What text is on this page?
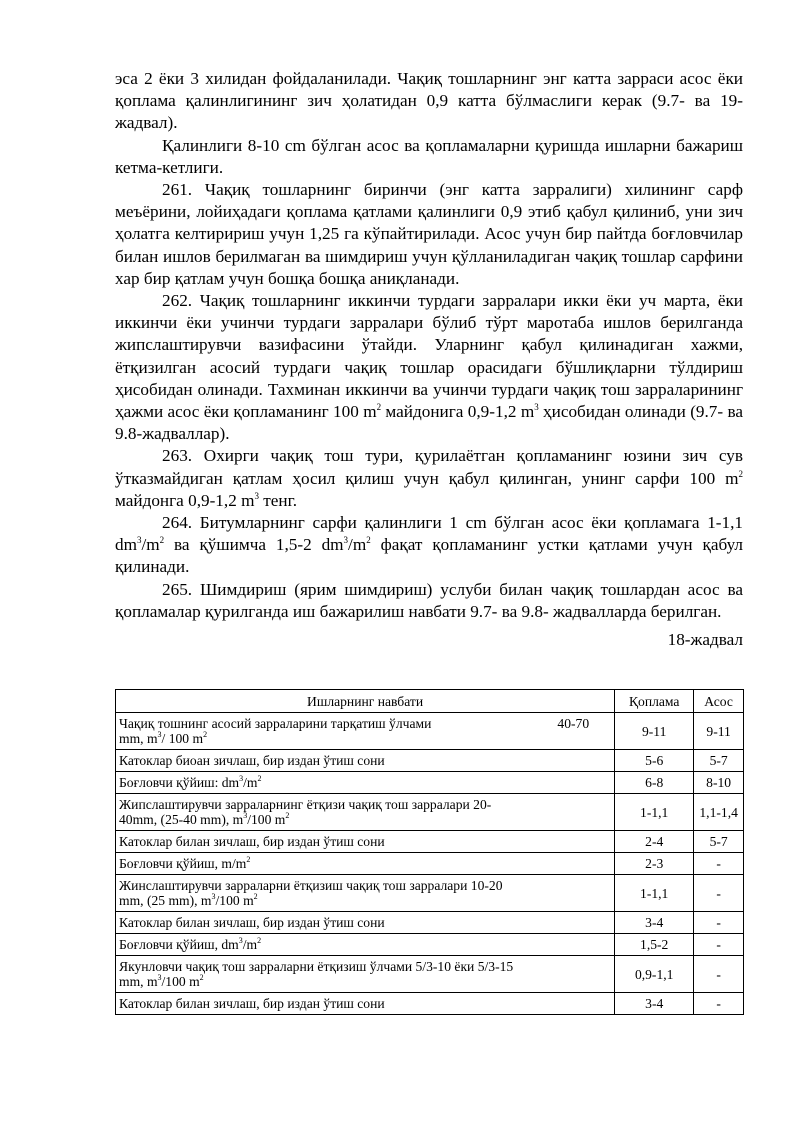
эса 2 ёки 3 хилидан фойдаланилади. Чақиқ тошларнинг энг катта зарраси асос ёки қоплама қалинлигининг зич ҳолатидан 0,9 катта бўлмаслиги керак (9.7- ва 19-жадвал).

Қалинлиги 8-10 cm бўлган асос ва қопламаларни қуришда ишларни бажариш кетма-кетлиги.

261. Чақиқ тошларнинг биринчи (энг катта зарралиги) хилининг сарф меъёрини, лойиҳадаги қоплама қатлами қалинлиги 0,9 этиб қабул қилиниб, уни зич ҳолатга келтиририш учун 1,25 га кўпайтирилади. Асос учун бир пайтда боғловчилар билан ишлов берилмаган ва шимдириш учун қўлланиладиган чақиқ тошлар сарфини хар бир қатлам учун бошқа бошқа аниқланади.

262. Чақиқ тошларнинг иккинчи турдаги зарралари икки ёки уч марта, ёки иккинчи ёки учинчи турдаги зарралари бўлиб тўрт маротаба ишлов берилганда жипслаштирувчи вазифасини ўтайди. Уларнинг қабул қилинадиган хажми, ётқизилган асосий турдаги чақиқ тошлар орасидаги бўшлиқларни тўлдириш ҳисобидан олинади. Тахминан иккинчи ва учинчи турдаги чақиқ тош зарраларининг ҳажми асос ёки қопламанинг 100 $m^2$ майдонига 0,9-1,2 $m^3$ ҳисобидан олинади (9.7- ва 9.8-жадваллар).

263. Охирги чақиқ тош тури, қурилаётган қопламанинг юзини зич сув ўтказмайдиган қатлам ҳосил қилиш учун қабул қилинган, унинг сарфи 100 $m^2$ майдонга 0,9-1,2 $m^3$ тенг.

264. Битумларнинг сарфи қалинлиги 1 cm бўлган асос ёки қопламага 1-1,1 $dm^3/m^2$ ва қўшимча 1,5-2 $dm^3/m^2$ фақат қопламанинг устки қатлами учун қабул қилинади.

265. Шимдириш (ярим шимдириш) услуби билан чақиқ тошлардан асос ва қопламалар қурилганда иш бажарилиш навбати 9.7- ва 9.8- жадвалларда берилган.

18-жадвал
Ишларнинг навбати	Қоплама	Асос
Чақиқ тошнинг асосий зарраларини тарқатиш ўлчами 40-70

mm, $m^3/$ 100 $m^2$	9-11	9-11
Катоклар биоан зичлаш, бир издан ўтиш сони	5-6	5-7
Боғловчи қўйиш: $dm^3/m^2$	6-8	8-10
Жипслаштирувчи зарраларнинг ётқизи чақиқ тош зарралари 20-
40mm, (25-40 mm), $m^3/100$ $m^2$	1-1,1	1,1-1,4
Катоклар билан зичлаш, бир издан ўтиш сони	2-4	5-7
Боғловчи қўйиш, $m/m^2$	2-3	-
Жинслаштирувчи зарраларни ётқизиш чақиқ тош зарралари 10-20
mm, (25 mm), $m^3/100$ $m^2$	1-1,1	-
Катоклар билан зичлаш, бир издан ўтиш сони	3-4	-
Боғловчи қўйиш, $dm^3/m^2$	1,5-2	-
Якунловчи чақиқ тош зарраларни ётқизиш ўлчами 5/3-10 ёки 5/3-15
mm, $m^3/100$ $m^2$	0,9-1,1	-
Катоклар билан зичлаш, бир издан ўтиш сони	3-4	-
